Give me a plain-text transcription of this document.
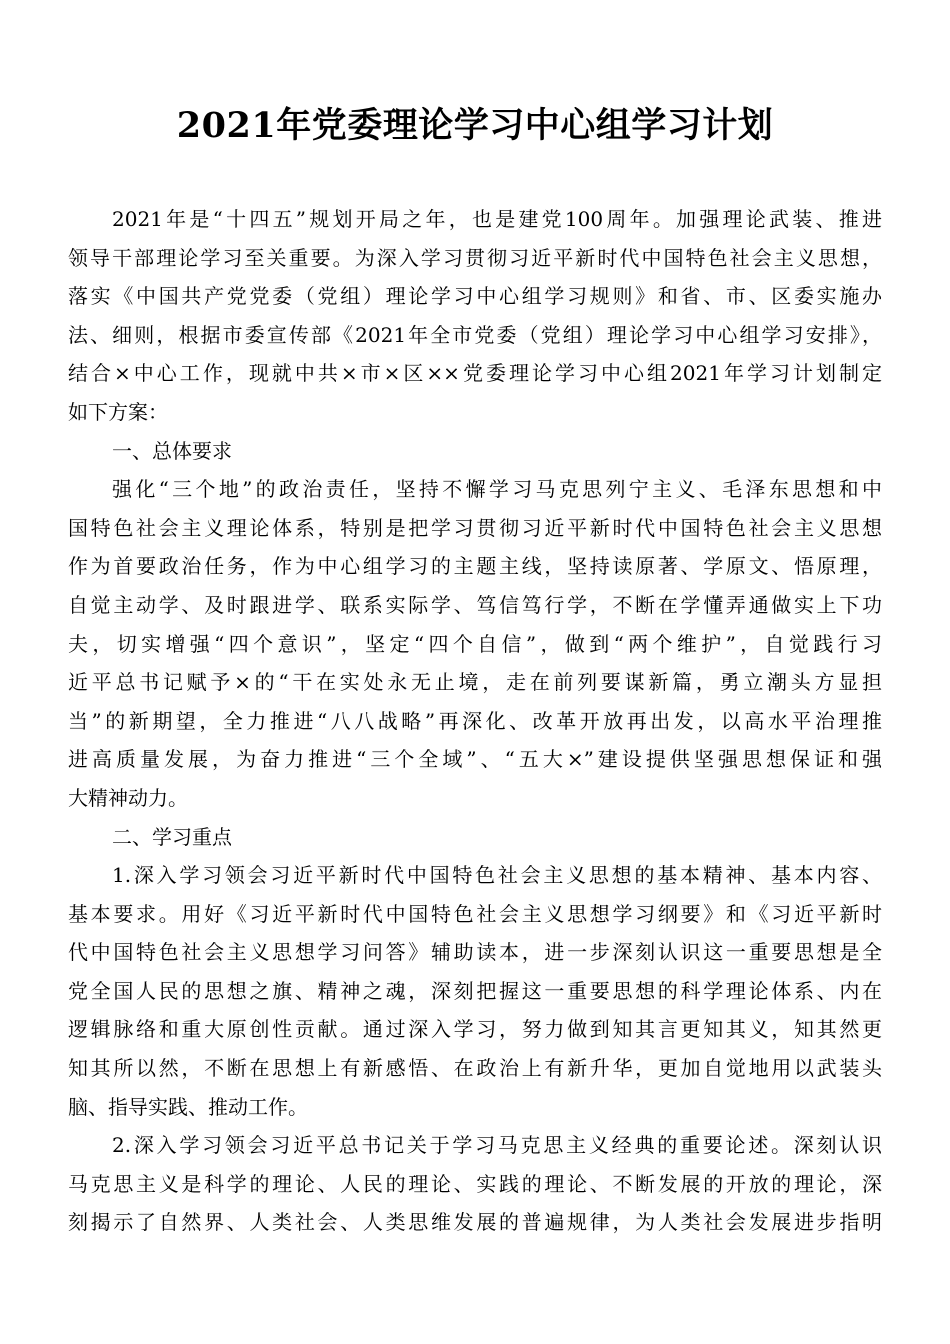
2021年党委理论学习中心组学习计划
2021年是“十四五”规划开局之年，也是建党100周年。加强理论武装、推进
领导干部理论学习至关重要。为深入学习贯彻习近平新时代中国特色社会主义思想，
落实《中国共产党党委（党组）理论学习中心组学习规则》和省、市、区委实施办
法、细则，根据市委宣传部《2021年全市党委（党组）理论学习中心组学习安排》，
结合×中心工作，现就中共×市×区××党委理论学习中心组2021年学习计划制定
如下方案：
一、总体要求
强化“三个地”的政治责任，坚持不懈学习马克思列宁主义、毛泽东思想和中
国特色社会主义理论体系，特别是把学习贯彻习近平新时代中国特色社会主义思想
作为首要政治任务，作为中心组学习的主题主线，坚持读原著、学原文、悟原理，
自觉主动学、及时跟进学、联系实际学、笃信笃行学，不断在学懂弄通做实上下功
夫，切实增强“四个意识”，坚定“四个自信”，做到“两个维护”，自觉践行习
近平总书记赋予×的“干在实处永无止境，走在前列要谋新篇，勇立潮头方显担
当”的新期望，全力推进“八八战略”再深化、改革开放再出发，以高水平治理推
进高质量发展，为奋力推进“三个全域”、“五大×”建设提供坚强思想保证和强
大精神动力。
二、学习重点
1.深入学习领会习近平新时代中国特色社会主义思想的基本精神、基本内容、
基本要求。用好《习近平新时代中国特色社会主义思想学习纲要》和《习近平新时
代中国特色社会主义思想学习问答》辅助读本，进一步深刻认识这一重要思想是全
党全国人民的思想之旗、精神之魂，深刻把握这一重要思想的科学理论体系、内在
逻辑脉络和重大原创性贡献。通过深入学习，努力做到知其言更知其义，知其然更
知其所以然，不断在思想上有新感悟、在政治上有新升华，更加自觉地用以武装头
脑、指导实践、推动工作。
2.深入学习领会习近平总书记关于学习马克思主义经典的重要论述。深刻认识
马克思主义是科学的理论、人民的理论、实践的理论、不断发展的开放的理论，深
刻揭示了自然界、人类社会、人类思维发展的普遍规律，为人类社会发展进步指明
